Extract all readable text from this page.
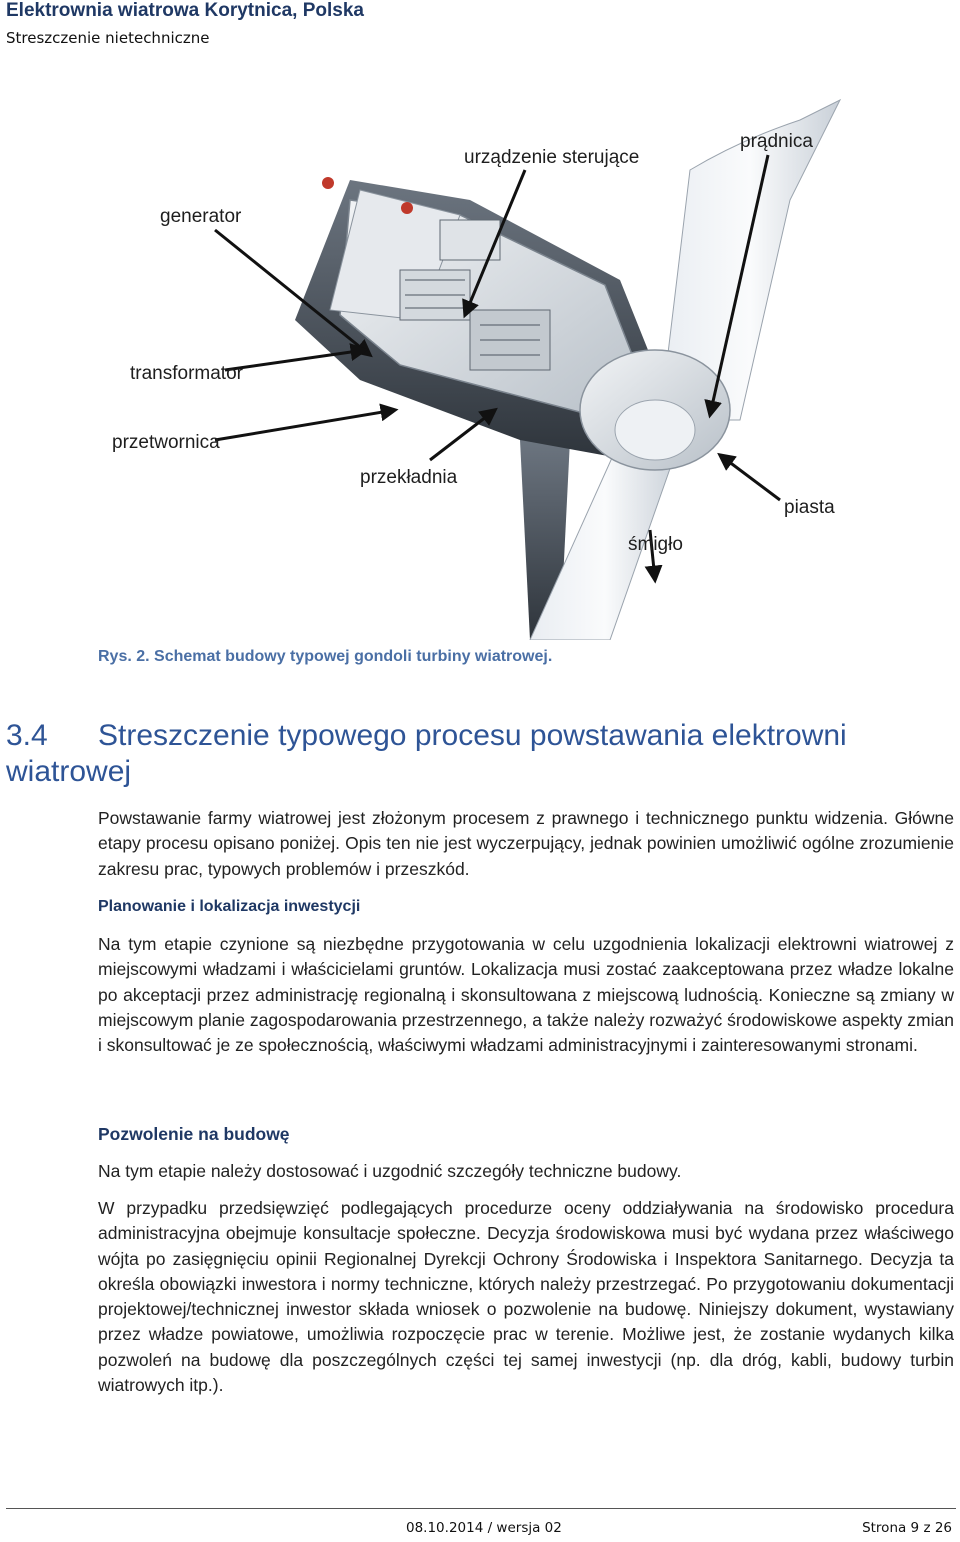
Elektrownia wiatrowa Korytnica, Polska
Streszczenie nietechniczne
urządzenie sterujące
prądnica
generator
transformator
przetwornica
przekładnia
piasta
śmigło
Rys. 2. Schemat budowy typowej gondoli turbiny wiatrowej.
3.4 Streszczenie typowego procesu powstawania elektrowni wiatrowej
Powstawanie farmy wiatrowej jest złożonym procesem z prawnego i technicznego punktu widzenia. Główne etapy procesu opisano poniżej. Opis ten nie jest wyczerpujący, jednak powinien umożliwić ogólne zrozumienie zakresu prac, typowych problemów i przeszkód.
Planowanie i lokalizacja inwestycji
Na tym etapie czynione są niezbędne przygotowania w celu uzgodnienia lokalizacji elektrowni wiatrowej z miejscowymi władzami i właścicielami gruntów. Lokalizacja musi zostać zaakceptowana przez władze lokalne po akceptacji przez administrację regionalną i skonsultowana z miejscową ludnością. Konieczne są zmiany w miejscowym planie zagospodarowania przestrzennego, a także należy rozważyć środowiskowe aspekty zmian i skonsultować je ze społecznością, właściwymi władzami administracyjnymi i zainteresowanymi stronami.
Pozwolenie na budowę
Na tym etapie należy dostosować i uzgodnić szczegóły techniczne budowy.
W przypadku przedsięwzięć podlegających procedurze oceny oddziaływania na środowisko procedura administracyjna obejmuje konsultacje społeczne. Decyzja środowiskowa musi być wydana przez właściwego wójta po zasięgnięciu opinii Regionalnej Dyrekcji Ochrony Środowiska i Inspektora Sanitarnego. Decyzja ta określa obowiązki inwestora i normy techniczne, których należy przestrzegać. Po przygotowaniu dokumentacji projektowej/technicznej inwestor składa wniosek o pozwolenie na budowę. Niniejszy dokument, wystawiany przez władze powiatowe, umożliwia rozpoczęcie prac w terenie. Możliwe jest, że zostanie wydanych kilka pozwoleń na budowę dla poszczególnych części tej samej inwestycji (np. dla dróg, kabli, budowy turbin wiatrowych itp.).
08.10.2014 / wersja 02	Strona 9 z 26
